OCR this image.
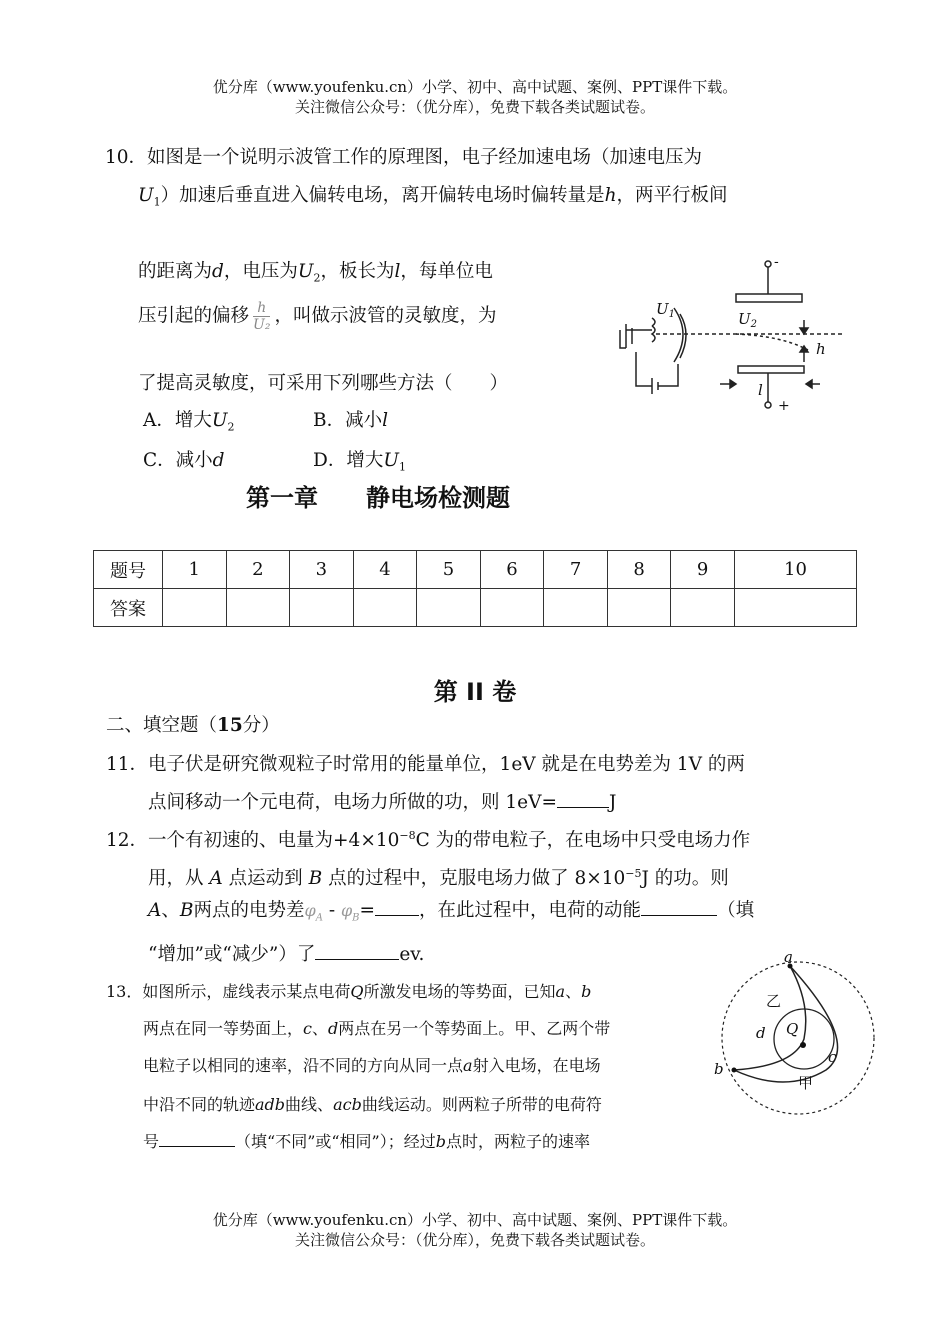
优分库（www.youfenku.cn）小学、初中、高中试题、案例、PPT课件下载。
关注微信公众号：（优分库），免费下载各类试题试卷。
10．如图是一个说明示波管工作的原理图，电子经加速电场（加速电压为
$U_1$）加速后垂直进入偏转电场，离开偏转电场时偏转量是h，两平行板间
的距离为d，电压为$U_2$，板长为l，每单位电
压引起的偏移 $\frac{h}{\text{U₂}}$ ，叫做示波管的灵敏度，为
了提高灵敏度，可采用下列哪些方法（　　）
A．增大$U_2$	B．减小l
C．减小d	D．增大$U_1$
-
+
$U_1$	$U_2$
h
l
第一章　　静电场检测题
题号	1	2	3	4	5	6	7	8	9	10
答案										
第 II 卷
二、填空题（15分）
11．电子伏是研究微观粒子时常用的能量单位，1eV 就是在电势差为 1V 的两
点间移动一个元电荷，电场力所做的功，则 1eV=	J
12．一个有初速的、电量为$+4\times 10^{-8}C$ 为的带电粒子，在电场中只受电场力作
用，从 A 点运动到 B 点的过程中，克服电场力做了 $8\times 10^{-5}J$ 的功。则
A、B两点的电势差$\varphi_A - \varphi_B=$ ，在此过程中，电荷的动能	（填
“增加”或“减少”）了	ev.
13．如图所示，虚线表示某点电荷Q所激发电场的等势面，已知a、b
两点在同一等势面上，c、d两点在另一个等势面上。甲、乙两个带
电粒子以相同的速率，沿不同的方向从同一点a射入电场，在电场
中沿不同的轨迹adb曲线、acb曲线运动。则两粒子所带的电荷符
号	（填“不同”或“相同”）；经过b点时，两粒子的速率
a
b
c
d Q
乙
甲
优分库（www.youfenku.cn）小学、初中、高中试题、案例、PPT课件下载。
关注微信公众号：（优分库），免费下载各类试题试卷。
